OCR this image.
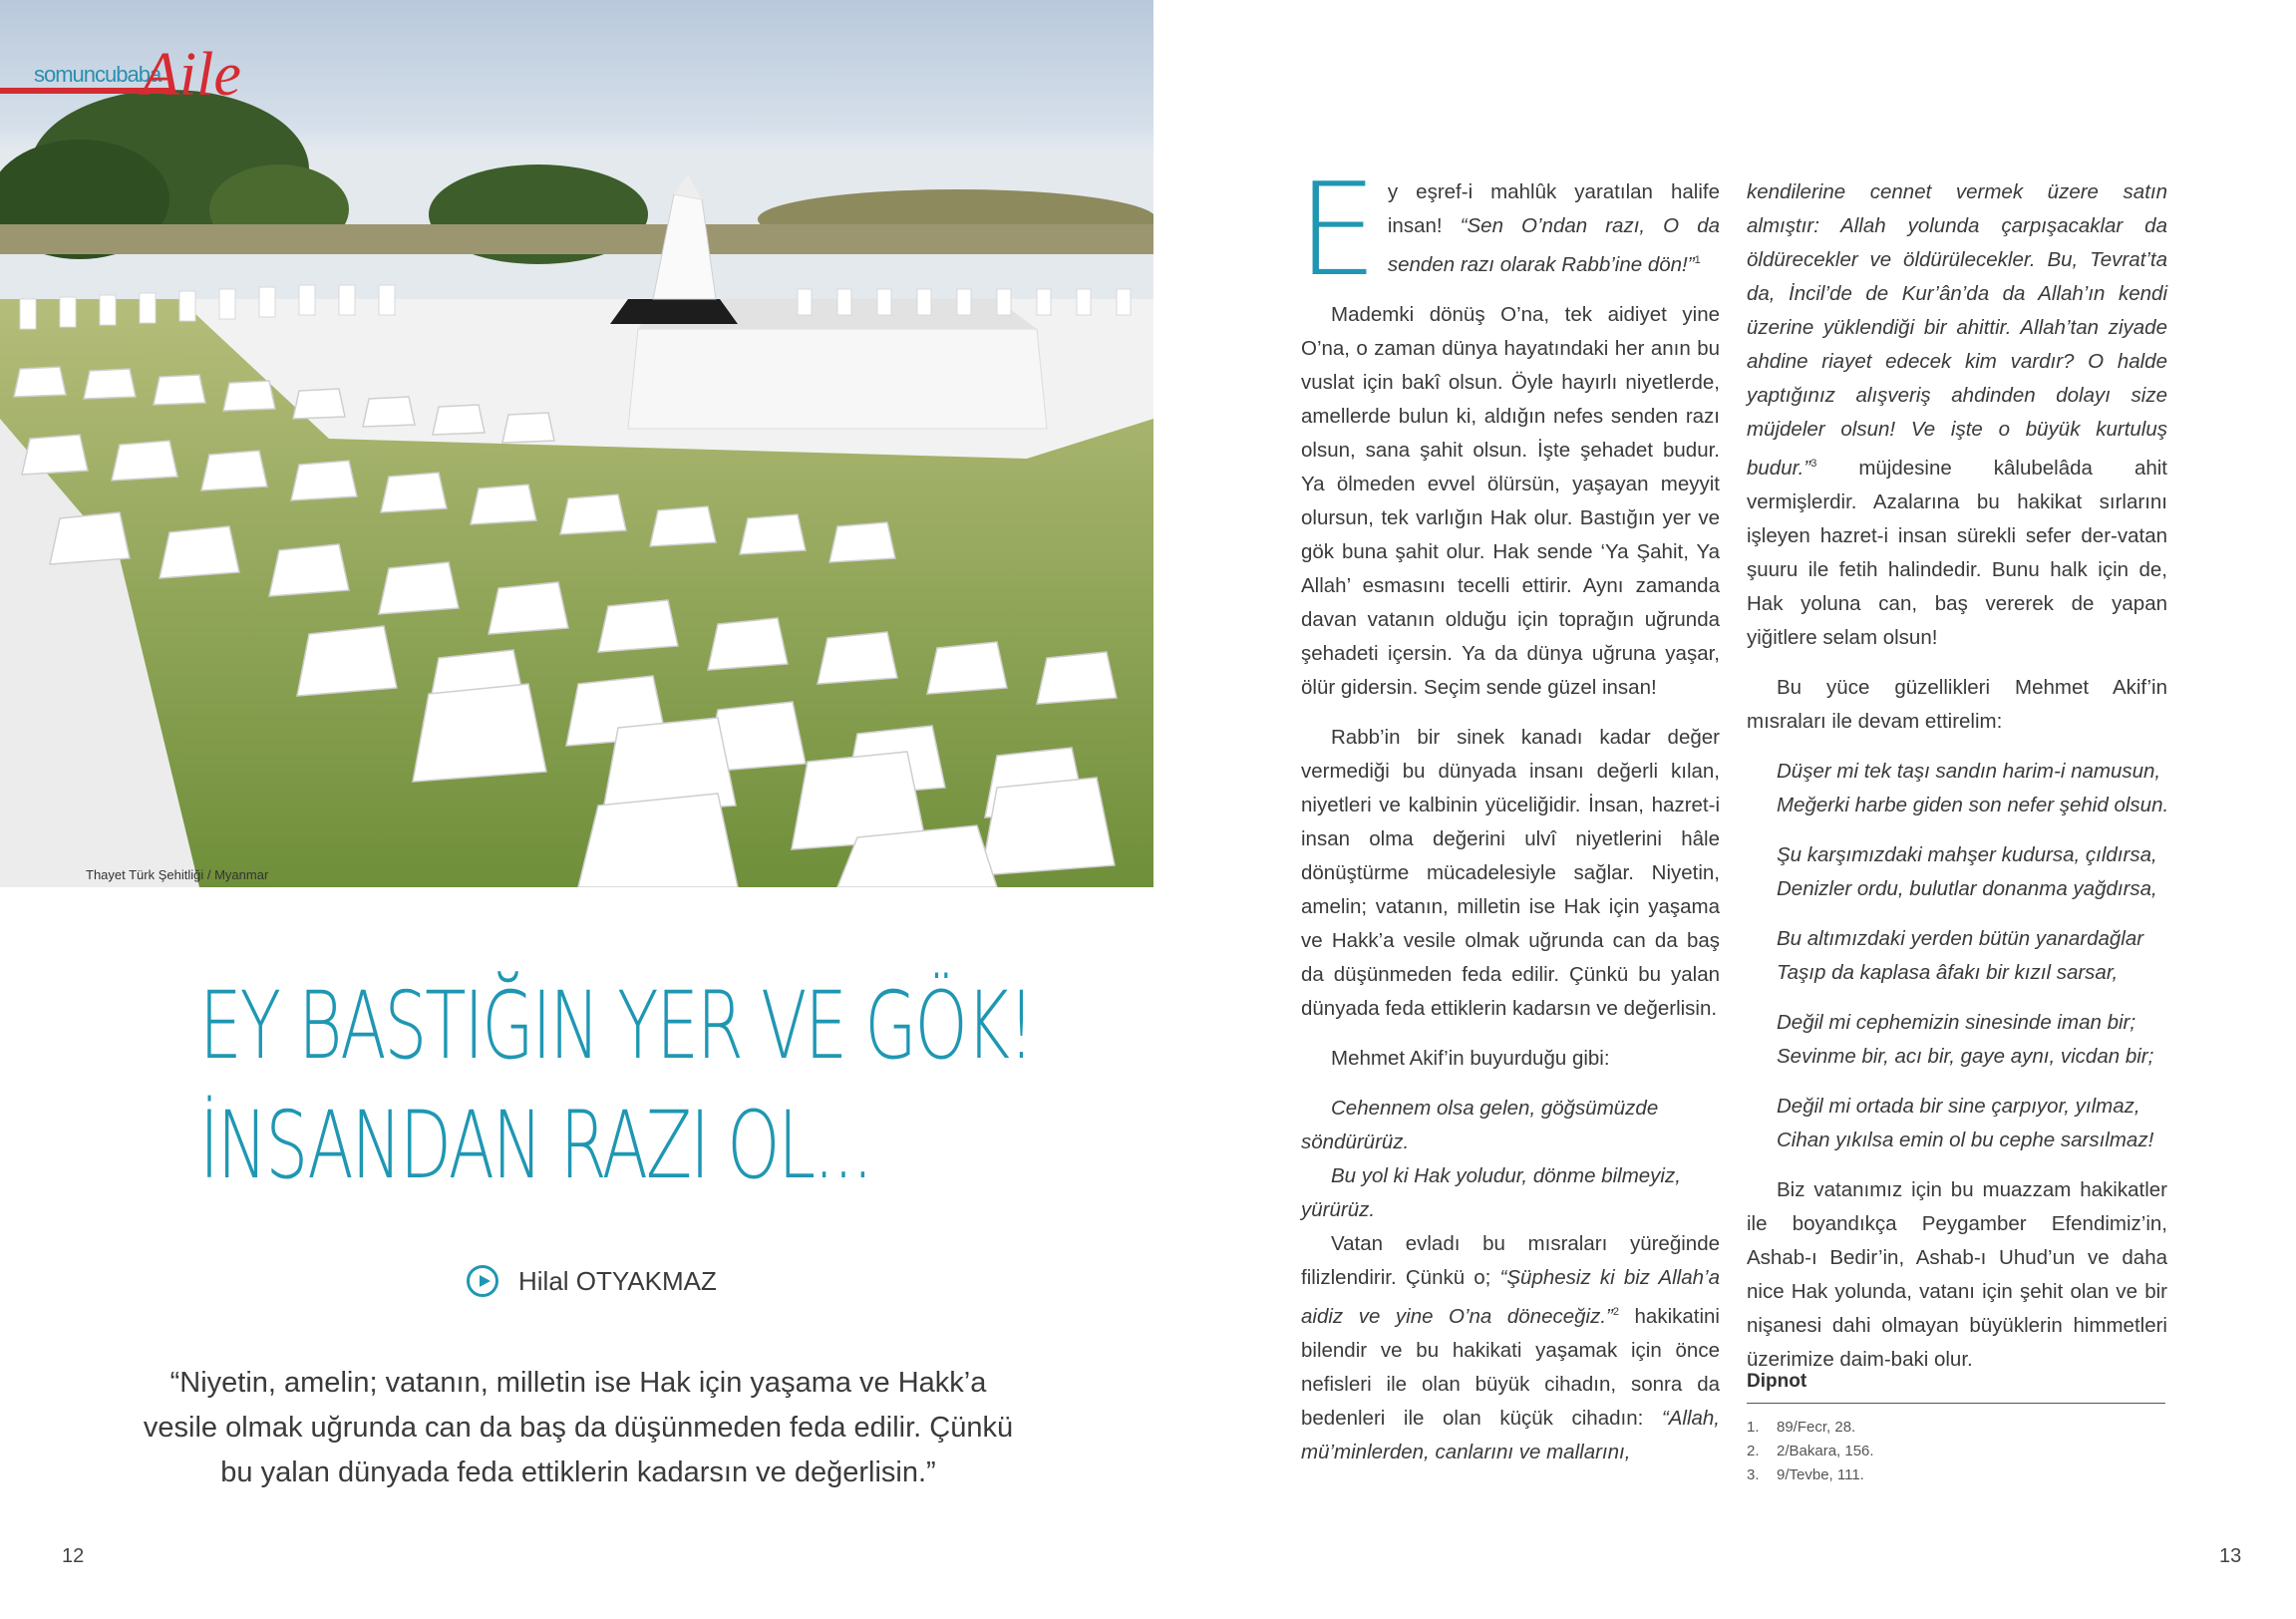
Thayet Türk Şehitliği / Myanmar
somuncubaba
Aile
EY BASTIĞIN YER VE GÖK!
İNSANDAN RAZI OL...
Hilal OTYAKMAZ
“Niyetin, amelin; vatanın, milletin ise Hak için yaşama ve Hakk’a vesile olmak uğrunda can da baş da düşünmeden feda edilir. Çünkü bu yalan dünyada feda ettiklerin kadarsın ve değerlisin.”
12

E y eşref-i mahlûk yaratılan halife insan! “Sen O’ndan razı, O da senden razı olarak Rabb’ine dön!”$^1$

Mademki dönüş O’na, tek aidiyet yine O’na, o zaman dünya hayatındaki her anın bu vuslat için bakî olsun. Öyle hayırlı niyetlerde, amellerde bulun ki, aldığın nefes senden razı olsun, sana şahit olsun. İşte şehadet budur. Ya ölmeden evvel ölürsün, yaşayan meyyit olursun, tek varlığın Hak olur. Bastığın yer ve gök buna şahit olur. Hak sende ‘Ya Şahit, Ya Allah’ esmasını tecelli ettirir. Aynı zamanda davan vatanın olduğu için toprağın uğrunda şehadeti içersin. Ya da dünya uğruna yaşar, ölür gidersin. Seçim sende güzel insan!

Rabb’in bir sinek kanadı kadar değer vermediği bu dünyada insanı değerli kılan, niyetleri ve kalbinin yüceliğidir. İnsan, hazret-i insan olma değerini ulvî niyetlerini hâle dönüştürme mücadelesiyle sağlar. Niyetin, amelin; vatanın, milletin ise Hak için yaşama ve Hakk’a vesile olmak uğrunda can da baş da düşünmeden feda edilir. Çünkü bu yalan dünyada feda ettiklerin kadarsın ve değerlisin.

Mehmet Akif’in buyurduğu gibi:

Cehennem olsa gelen, göğsümüzde söndürürüz.
Bu yol ki Hak yoludur, dönme bilmeyiz, yürürüz.

Vatan evladı bu mısraları yüreğinde filizlendirir. Çünkü o; “Şüphesiz ki biz Allah’a aidiz ve yine O’na döneceğiz.”$^2$ hakikatini bilendir ve bu hakikati yaşamak için önce nefisleri ile olan büyük cihadın, sonra da bedenleri ile olan küçük cihadın: “Allah, mü’minlerden, canlarını ve mallarını,

kendilerine cennet vermek üzere satın almıştır: Allah yolunda çarpışacaklar da öldürecekler ve öldürülecekler. Bu, Tevrat’ta da, İncil’de de Kur’ân’da da Allah’ın kendi üzerine yüklendiği bir ahittir. Allah’tan ziyade ahdine riayet edecek kim vardır? O halde yaptığınız alışveriş ahdinden dolayı size müjdeler olsun! Ve işte o büyük kurtuluş budur.”$^3$ müjdesine kâlubelâda ahit vermişlerdir. Azalarına bu hakikat sırlarını işleyen hazret-i insan sürekli sefer der-vatan şuuru ile fetih halindedir. Bunu halk için de, Hak yoluna can, baş vererek de yapan yiğitlere selam olsun!

Bu yüce güzellikleri Mehmet Akif’in mısraları ile devam ettirelim:

Düşer mi tek taşı sandın harim-i namusun,
Meğerki harbe giden son nefer şehid olsun.
Şu karşımızdaki mahşer kudursa, çıldırsa,
Denizler ordu, bulutlar donanma yağdırsa,
Bu altımızdaki yerden bütün yanardağlar
Taşıp da kaplasa âfakı bir kızıl sarsar,
Değil mi cephemizin sinesinde iman bir;
Sevinme bir, acı bir, gaye aynı, vicdan bir;
Değil mi ortada bir sine çarpıyor, yılmaz,
Cihan yıkılsa emin ol bu cephe sarsılmaz!

Biz vatanımız için bu muazzam hakikatler ile boyandıkça Peygamber Efendimiz’in, Ashab-ı Bedir’in, Ashab-ı Uhud’un ve daha nice Hak yolunda, vatanı için şehit olan ve bir nişanesi dahi olmayan büyüklerin himmetleri üzerimize daim-baki olur.

Dipnot
1. 89/Fecr, 28.
2. 2/Bakara, 156.
3. 9/Tevbe, 111.
13
